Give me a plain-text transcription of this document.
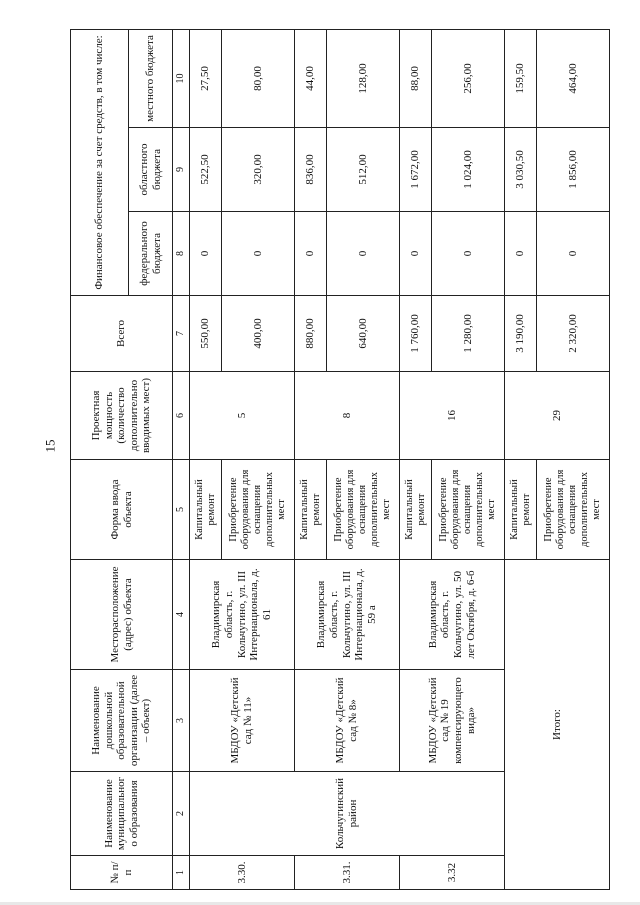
15
№ п/п	Наименование муниципального образования	Наименование дошкольной образовательной организации (далее – объект)	Месторасположение (адрес) объекта	Форма ввода объекта	Проектная мощность (количество дополнительно вводимых мест)	Всего	Финансовое обеспечение за счет средств, в том числе:		
							федерального бюджета	областного бюджета	местного бюджета
1	2	3	4	5	6	7	8	9	10
3.30.	Кольчугинский район	МБДОУ «Детский сад № 11»	Владимирская область, г. Кольчугино, ул. III Интернационала, д. 61	Капитальный ремонт	5	550,00	0	522,50	27,50
				Приобретение оборудования для оснащения дополнительных мест		400,00	0	320,00	80,00
3.31.		МБДОУ «Детский сад № 8»	Владимирская область, г. Кольчугино, ул. III Интернационала, д. 59 а	Капитальный ремонт	8	880,00	0	836,00	44,00
				Приобретение оборудования для оснащения дополнительных мест		640,00	0	512,00	128,00
3.32		МБДОУ «Детский сад № 19 компенсирующего вида»	Владимирская область, г. Кольчугино, ул. 50 лет Октября, д. 6-б	Капитальный ремонт	16	1 760,00	0	1 672,00	88,00
				Приобретение оборудования для оснащения дополнительных мест		1 280,00	0	1 024,00	256,00
Итого:				Капитальный ремонт	29	3 190,00	0	3 030,50	159,50
				Приобретение оборудования для оснащения дополнительных мест		2 320,00	0	1 856,00	464,00
